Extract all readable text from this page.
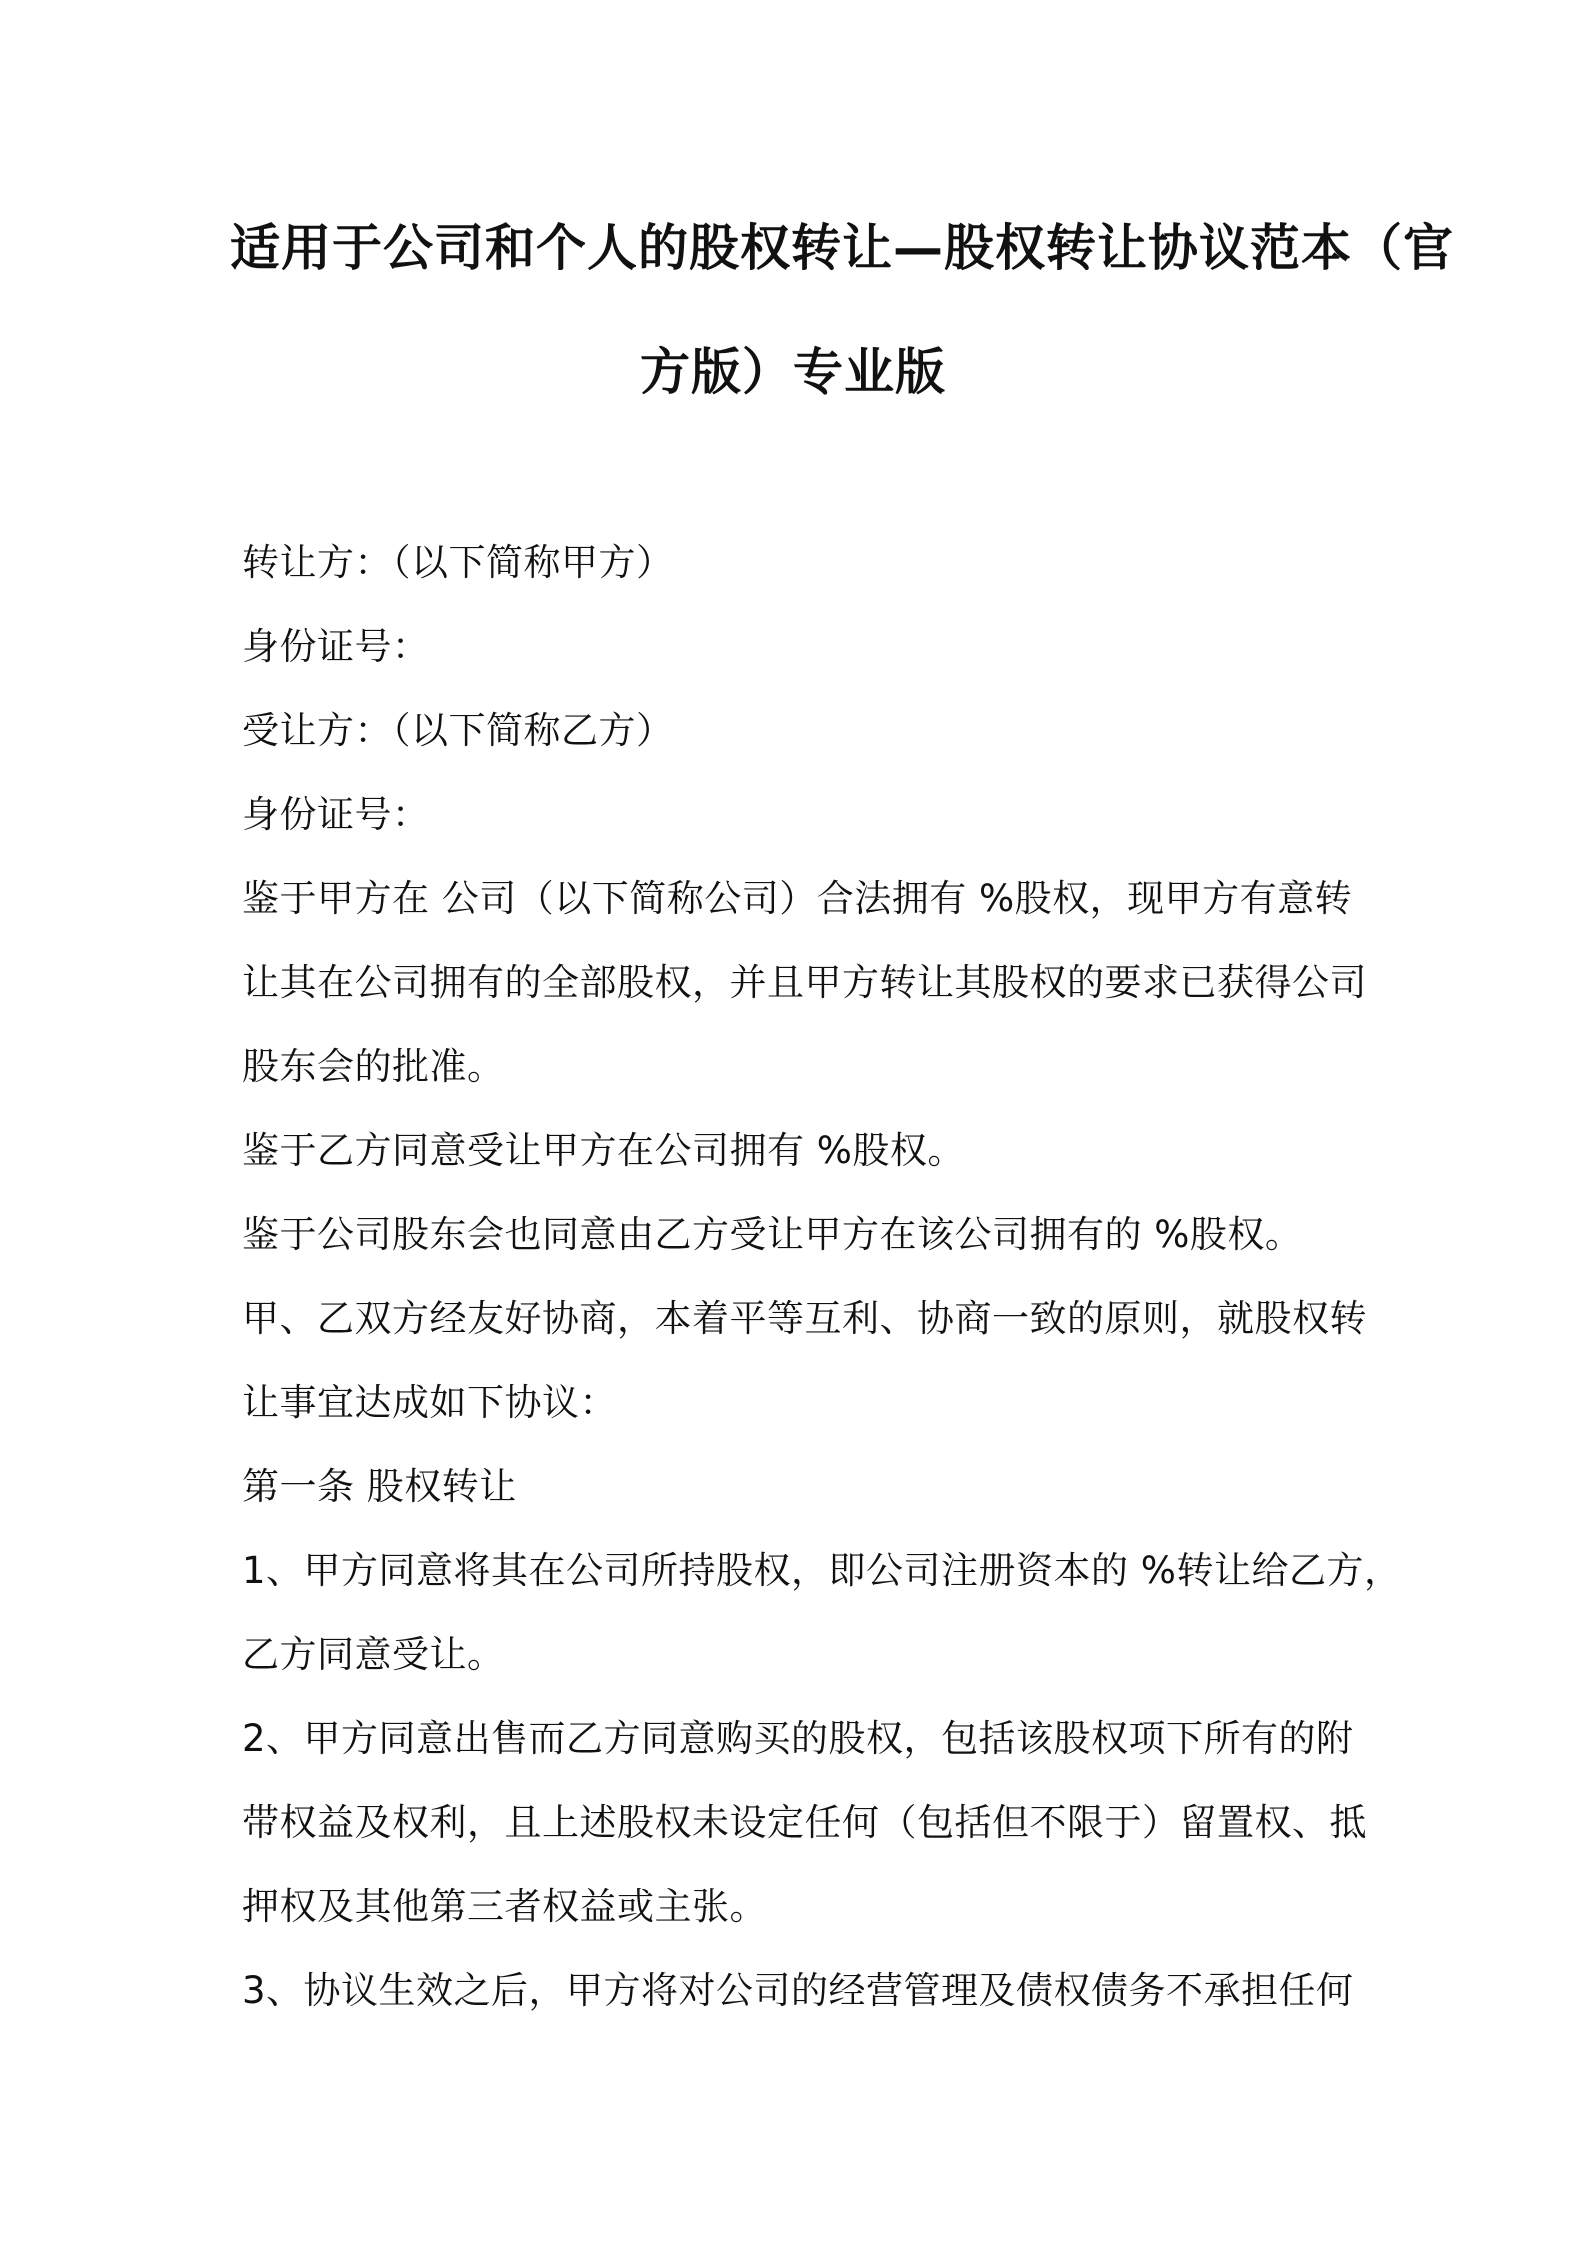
适用于公司和个人的股权转让—股权转让协议范本（官
方版）专业版
转让方：（以下简称甲方）
身份证号：
受让方：（以下简称乙方）
身份证号：
鉴于甲方在 公司（以下简称公司）合法拥有 %股权，现甲方有意转
让其在公司拥有的全部股权，并且甲方转让其股权的要求已获得公司
股东会的批准。
鉴于乙方同意受让甲方在公司拥有 %股权。
鉴于公司股东会也同意由乙方受让甲方在该公司拥有的 %股权。
甲、乙双方经友好协商，本着平等互利、协商一致的原则，就股权转
让事宜达成如下协议：
第一条 股权转让
1、甲方同意将其在公司所持股权，即公司注册资本的 %转让给乙方，
乙方同意受让。
2、甲方同意出售而乙方同意购买的股权，包括该股权项下所有的附
带权益及权利，且上述股权未设定任何（包括但不限于）留置权、抵
押权及其他第三者权益或主张。
3、协议生效之后，甲方将对公司的经营管理及债权债务不承担任何
